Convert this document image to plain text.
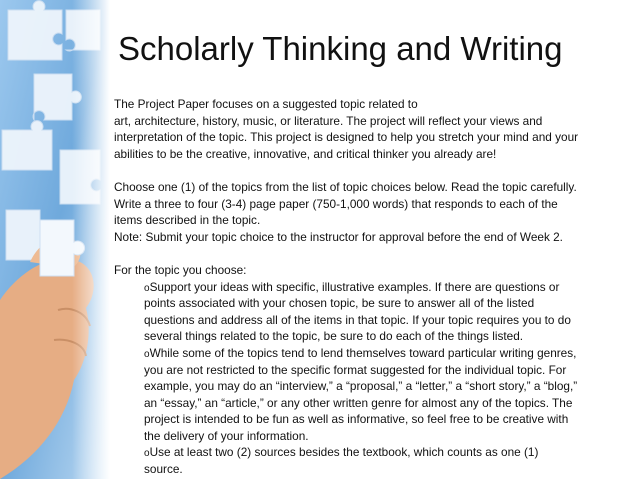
Scholarly Thinking and Writing
The Project Paper focuses on a suggested topic related to
art, architecture, history, music, or literature. The project will reflect your views and
interpretation of the topic. This project is designed to help you stretch your mind and your
abilities to be the creative, innovative, and critical thinker you already are!
Choose one (1) of the topics from the list of topic choices below. Read the topic carefully.
Write a three to four (3-4) page paper (750-1,000 words) that responds to each of the
items described in the topic.
Note: Submit your topic choice to the instructor for approval before the end of Week 2.
For the topic you choose:
oSupport your ideas with specific, illustrative examples. If there are questions or
points associated with your chosen topic, be sure to answer all of the listed
questions and address all of the items in that topic. If your topic requires you to do
several things related to the topic, be sure to do each of the things listed.
oWhile some of the topics tend to lend themselves toward particular writing genres,
you are not restricted to the specific format suggested for the individual topic. For
example, you may do an “interview,” a “proposal,” a “letter,” a “short story,” a “blog,”
an “essay,” an “article,” or any other written genre for almost any of the topics. The
project is intended to be fun as well as informative, so feel free to be creative with
the delivery of your information.
oUse at least two (2) sources besides the textbook, which counts as one (1)
source.
